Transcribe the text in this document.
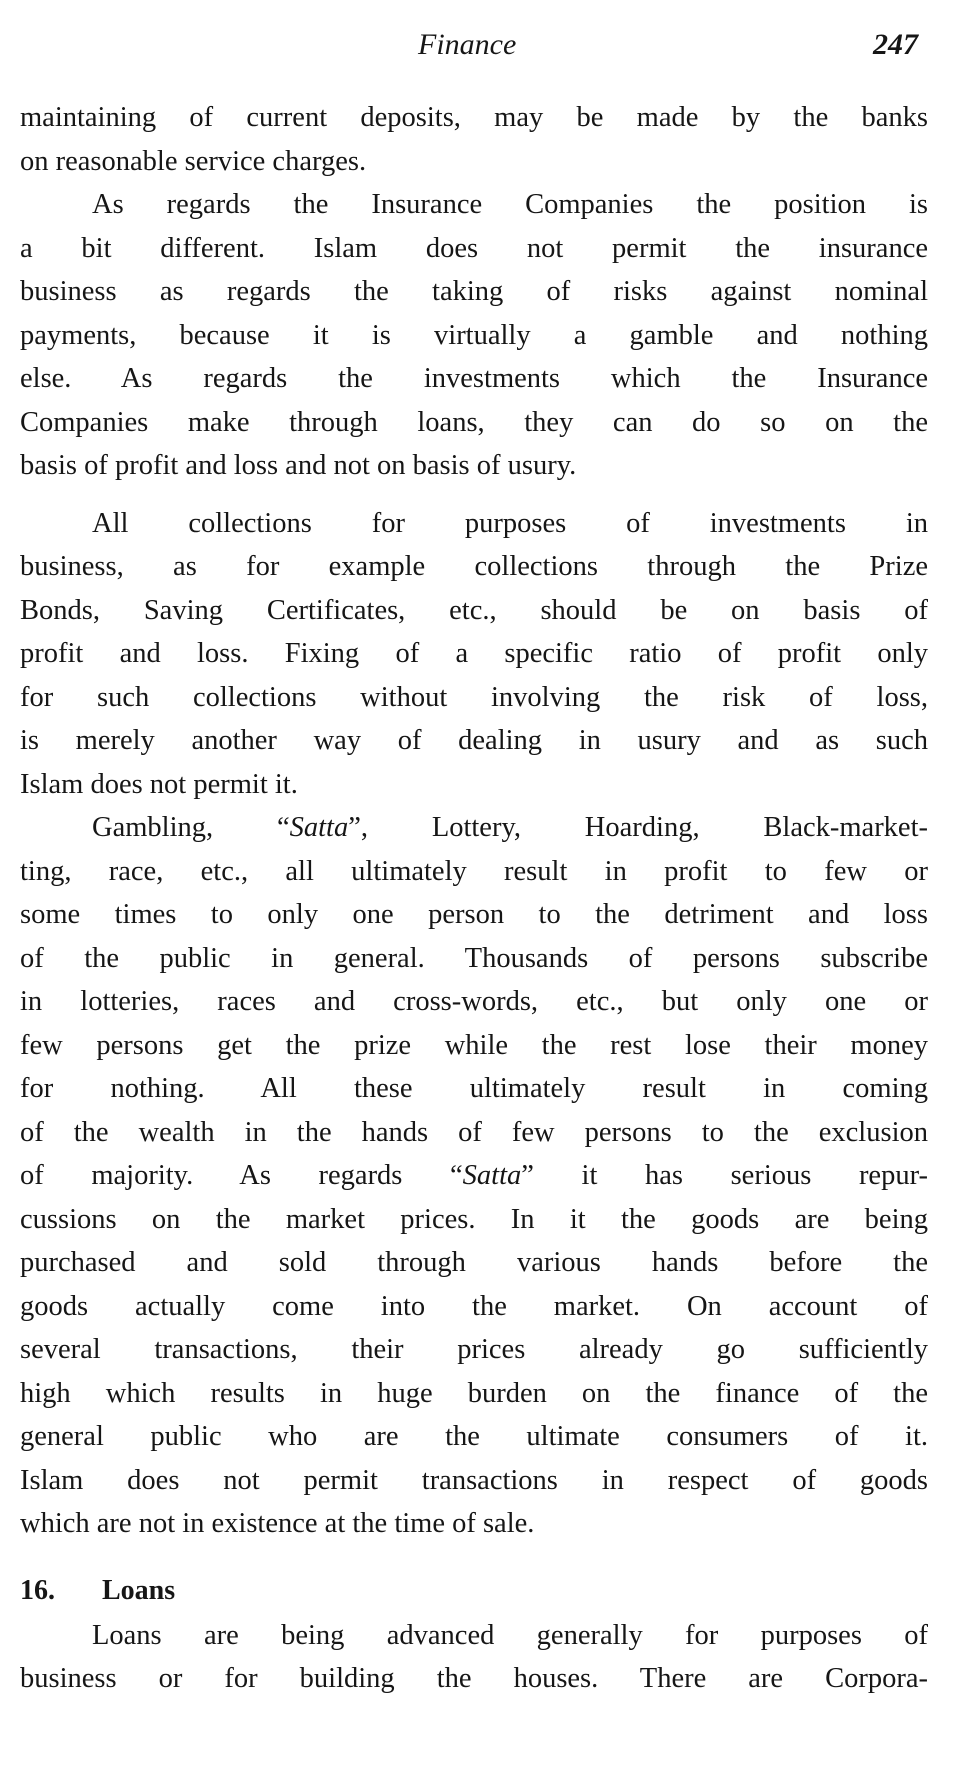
Finance	247

maintaining of current deposits, may be made by the banks

on reasonable service charges.

As regards the Insurance Companies the position is

a bit different. Islam does not permit the insurance

business as regards the taking of risks against nominal

payments, because it is virtually a gamble and nothing

else. As regards the investments which the Insurance

Companies make through loans, they can do so on the

basis of profit and loss and not on basis of usury.

All collections for purposes of investments in

business, as for example collections through the Prize

Bonds, Saving Certificates, etc., should be on basis of

profit and loss. Fixing of a specific ratio of profit only

for such collections without involving the risk of loss,

is merely another way of dealing in usury and as such

Islam does not permit it.

Gambling, “Satta”, Lottery, Hoarding, Black-market-

ting, race, etc., all ultimately result in profit to few or

some times to only one person to the detriment and loss

of the public in general. Thousands of persons subscribe

in lotteries, races and cross-words, etc., but only one or

few persons get the prize while the rest lose their money

for nothing. All these ultimately result in coming

of the wealth in the hands of few persons to the exclusion

of majority. As regards “Satta” it has serious repur-

cussions on the market prices. In it the goods are being

purchased and sold through various hands before the

goods actually come into the market. On account of

several transactions, their prices already go sufficiently

high which results in huge burden on the finance of the

general public who are the ultimate consumers of it.

Islam does not permit transactions in respect of goods

which are not in existence at the time of sale.

16. Loans

Loans are being advanced generally for purposes of

business or for building the houses. There are Corpora-
